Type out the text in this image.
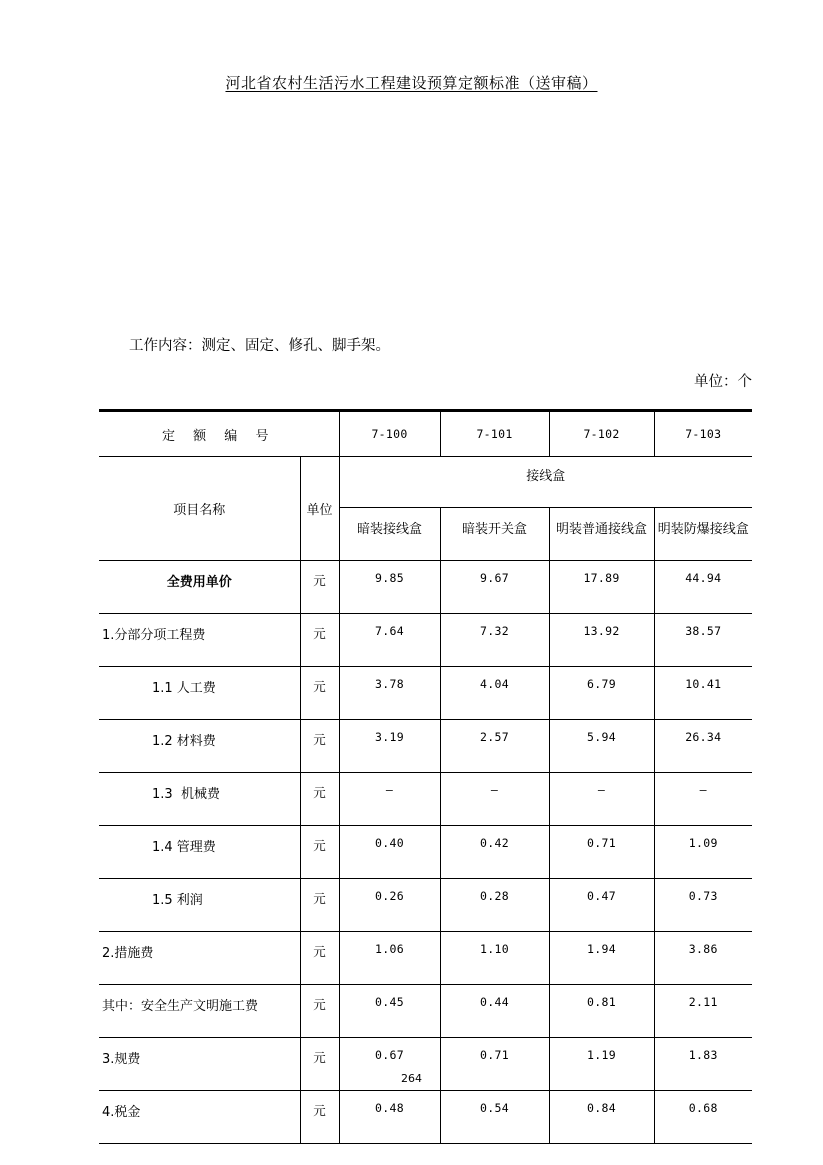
河北省农村生活污水工程建设预算定额标准（送审稿）
工作内容：测定、固定、修孔、脚手架。
单位：个
定 额 编 号		7-100	7-101	7-102	7-103
项目名称	单位	接线盒			
		暗装接线盒	暗装开关盒	明装普通接线盒	明装防爆接线盒
全费用单价	元	9.85	9.67	17.89	44.94
1.分部分项工程费	元	7.64	7.32	13.92	38.57
1.1 人工费	元	3.78	4.04	6.79	10.41
1.2 材料费	元	3.19	2.57	5.94	26.34
1.3  机械费	元	–	–	–	–
1.4 管理费	元	0.40	0.42	0.71	1.09
1.5 利润	元	0.26	0.28	0.47	0.73
2.措施费	元	1.06	1.10	1.94	3.86
其中：安全生产文明施工费	元	0.45	0.44	0.81	2.11
3.规费	元	0.67	0.71	1.19	1.83
4.税金	元	0.48	0.54	0.84	0.68
264
